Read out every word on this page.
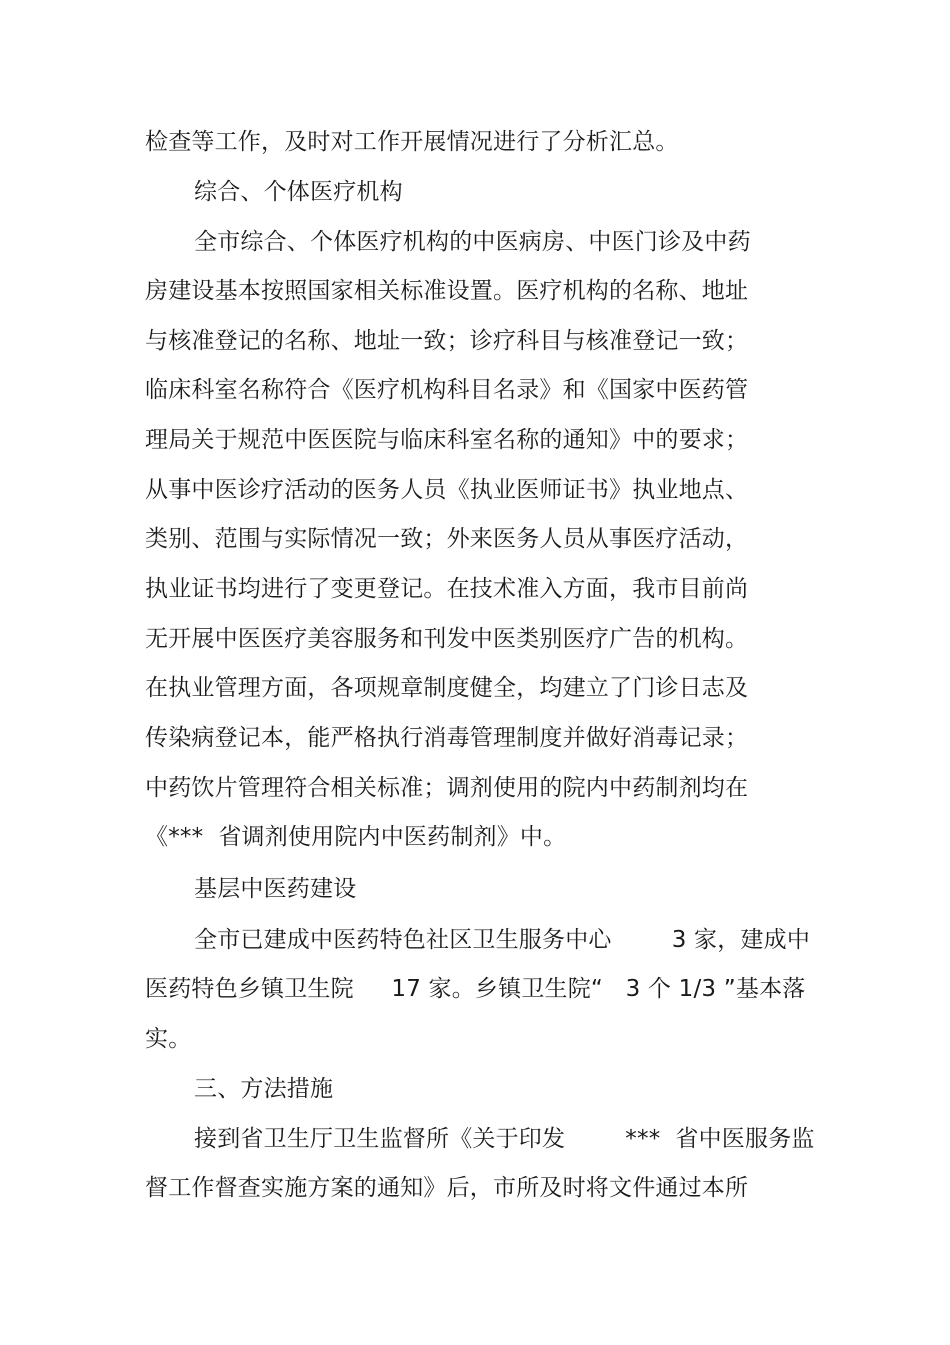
检查等工作，及时对工作开展情况进行了分析汇总。
综合、个体医疗机构
全市综合、个体医疗机构的中医病房、中医门诊及中药
房建设基本按照国家相关标准设置。医疗机构的名称、地址
与核准登记的名称、地址一致；诊疗科目与核准登记一致；
临床科室名称符合《医疗机构科目名录》和《国家中医药管
理局关于规范中医医院与临床科室名称的通知》中的要求；
从事中医诊疗活动的医务人员《执业医师证书》执业地点、
类别、范围与实际情况一致；外来医务人员从事医疗活动，
执业证书均进行了变更登记。在技术准入方面，我市目前尚
无开展中医医疗美容服务和刊发中医类别医疗广告的机构。
在执业管理方面，各项规章制度健全，均建立了门诊日志及
传染病登记本，能严格执行消毒管理制度并做好消毒记录；
中药饮片管理符合相关标准；调剂使用的院内中药制剂均在
《***  省调剂使用院内中医药制剂》中。
基层中医药建设
全市已建成中医药特色社区卫生服务中心        3 家，建成中
医药特色乡镇卫生院     17 家。乡镇卫生院“   3 个 1/3 ”基本落
实。
三、方法措施
接到省卫生厅卫生监督所《关于印发        ***  省中医服务监
督工作督查实施方案的通知》后，市所及时将文件通过本所
